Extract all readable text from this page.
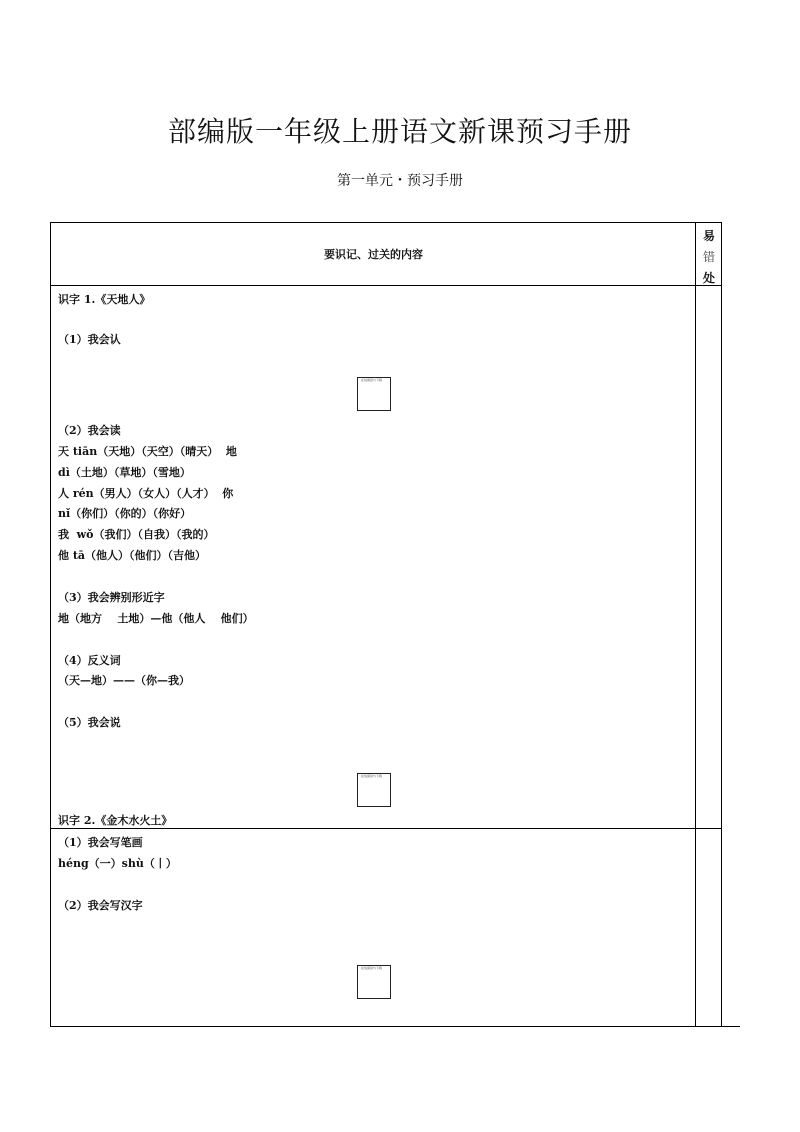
部编版一年级上册语文新课预习手册
第一单元・预习手册
要识记、过关的内容
易
错
处
识字 1.《天地人》
（1）我会认
在线阅读与下载
（2）我会读
天 tiān（天地）（天空）（晴天）  地
dì（土地）（草地）（雪地）
人 rén（男人）（女人）（人才）  你
nǐ（你们）（你的）（你好）
我  wǒ（我们）（自我）（我的）
他 tā（他人）（他们）（吉他）
（3）我会辨别形近字
地（地方    土地）—他（他人    他们）
（4）反义词
（天—地）——（你—我）
（5）我会说
在线阅读与下载
识字 2.《金木水火土》
（1）我会写笔画
héng（一）shù（丨）
（2）我会写汉字
在线阅读与下载
